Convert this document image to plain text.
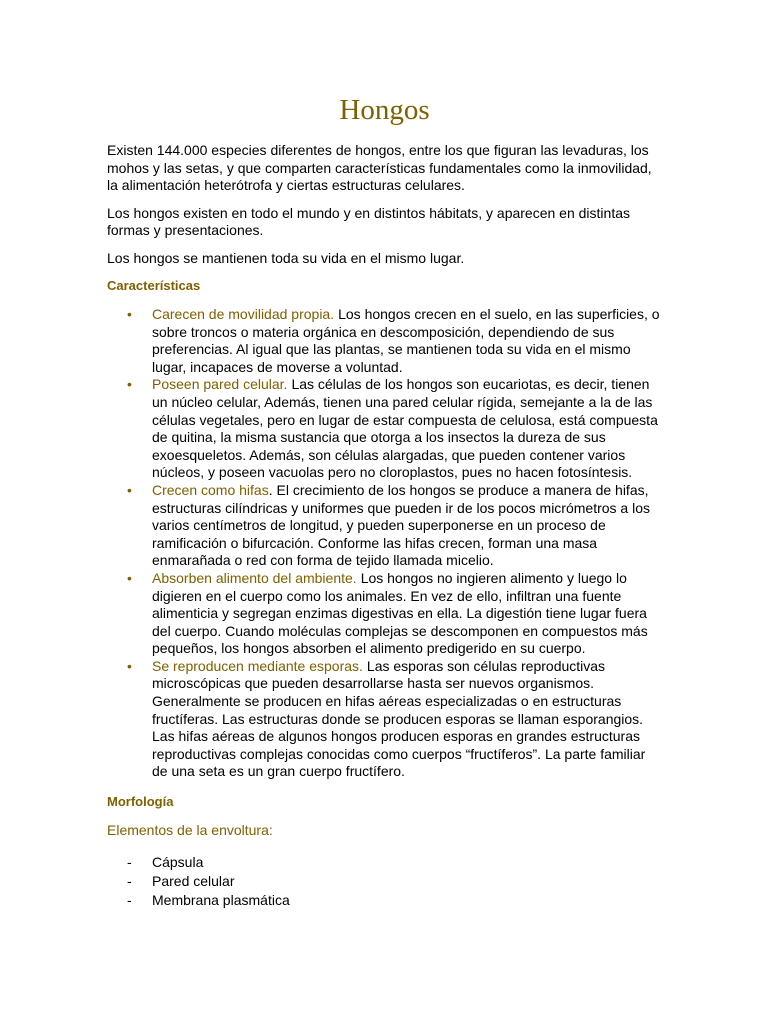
Hongos

Existen 144.000 especies diferentes de hongos, entre los que figuran las levaduras, los mohos y las setas, y que comparten características fundamentales como la inmovilidad, la alimentación heterótrofa y ciertas estructuras celulares.

Los hongos existen en todo el mundo y en distintos hábitats, y aparecen en distintas formas y presentaciones.

Los hongos se mantienen toda su vida en el mismo lugar.

Características
• Carecen de movilidad propia. Los hongos crecen en el suelo, en las superficies, o sobre troncos o materia orgánica en descomposición, dependiendo de sus preferencias. Al igual que las plantas, se mantienen toda su vida en el mismo lugar, incapaces de moverse a voluntad.
• Poseen pared celular. Las células de los hongos son eucariotas, es decir, tienen un núcleo celular, Además, tienen una pared celular rígida, semejante a la de las células vegetales, pero en lugar de estar compuesta de celulosa, está compuesta de quitina, la misma sustancia que otorga a los insectos la dureza de sus exoesqueletos. Además, son células alargadas, que pueden contener varios núcleos, y poseen vacuolas pero no cloroplastos, pues no hacen fotosíntesis.
• Crecen como hifas. El crecimiento de los hongos se produce a manera de hifas, estructuras cilíndricas y uniformes que pueden ir de los pocos micrómetros a los varios centímetros de longitud, y pueden superponerse en un proceso de ramificación o bifurcación. Conforme las hifas crecen, forman una masa enmarañada o red con forma de tejido llamada micelio.
• Absorben alimento del ambiente. Los hongos no ingieren alimento y luego lo digieren en el cuerpo como los animales. En vez de ello, infiltran una fuente alimenticia y segregan enzimas digestivas en ella. La digestión tiene lugar fuera del cuerpo. Cuando moléculas complejas se descomponen en compuestos más pequeños, los hongos absorben el alimento predigerido en su cuerpo.
• Se reproducen mediante esporas. Las esporas son células reproductivas microscópicas que pueden desarrollarse hasta ser nuevos organismos. Generalmente se producen en hifas aéreas especializadas o en estructuras fructíferas. Las estructuras donde se producen esporas se llaman esporangios. Las hifas aéreas de algunos hongos producen esporas en grandes estructuras reproductivas complejas conocidas como cuerpos “fructíferos”. La parte familiar de una seta es un gran cuerpo fructífero.
Morfología
Elementos de la envoltura:
- Cápsula
- Pared celular
- Membrana plasmática
